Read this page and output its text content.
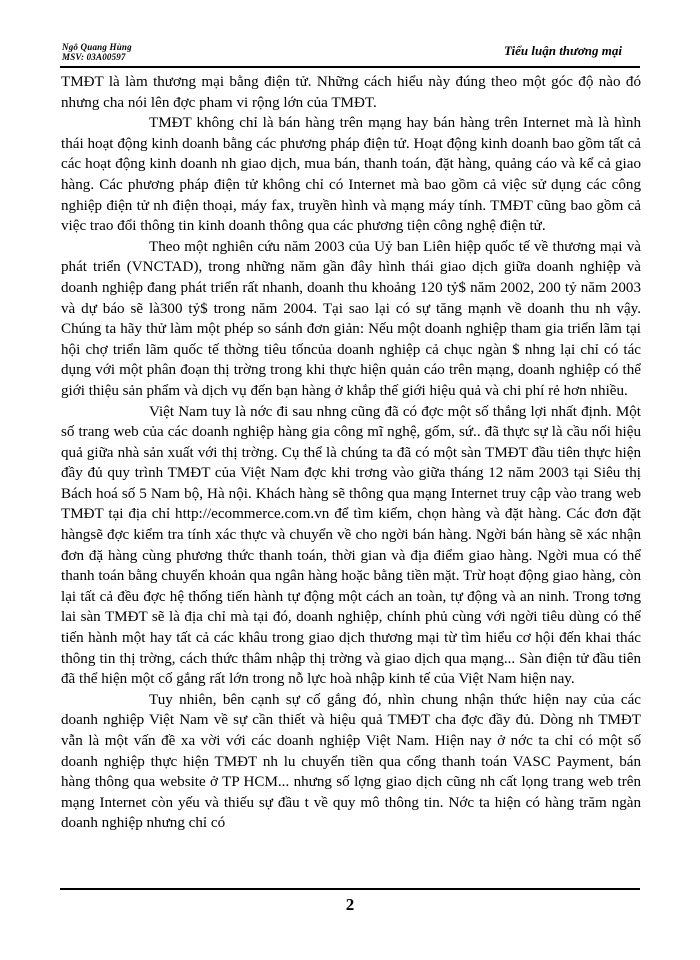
Ngô Quang Hùng
MSV: 03A00597	Tiểu luận thương mại

TMĐT là làm thương mại bằng điện tử. Những cách hiểu này đúng theo một góc độ nào đó nhưng cha nói lên đợc pham vi rộng lớn của TMĐT.

TMĐT không chỉ là bán hàng trên mạng hay bán hàng trên Internet mà là hình thái hoạt động kinh doanh bằng các phương pháp điện tử. Hoạt động kinh doanh bao gồm tất cả các hoạt động kinh doanh nh giao dịch, mua bán, thanh toán, đặt hàng, quảng cáo và kể cả giao hàng. Các phương pháp điện tử không chỉ có Internet mà bao gồm cả việc sử dụng các công nghiệp điện tử nh điện thoại, máy fax, truyền hình và mạng máy tính. TMĐT cũng bao gồm cả việc trao đổi thông tin kinh doanh thông qua các phương tiện công nghệ điện tử.

Theo một nghiên cứu năm 2003 của Uỷ ban Liên hiệp quốc tế về thương mại và phát triển (VNCTAD), trong những năm gần đây hình thái giao dịch giữa doanh nghiệp và doanh nghiệp đang phát triển rất nhanh, doanh thu khoảng 120 tỷ$ năm 2002, 200 tỷ năm 2003 và dự báo sẽ là300 tỷ$ trong năm 2004. Tại sao lại có sự tăng mạnh về doanh thu nh vậy. Chúng ta hãy thử làm một phép so sánh đơn giản: Nếu một doanh nghiệp tham gia triển lãm tại hội chợ triển lãm quốc tế thờng tiêu tốncủa doanh nghiệp cả chục ngàn $ nhng lại chỉ có tác dụng với một phân đoạn thị trờng trong khi thực hiện quản cáo trên mạng, doanh nghiệp có thể giới thiệu sản phẩm và dịch vụ đến bạn hàng ở khắp thế giới hiệu quả và chi phí rẻ hơn nhiều.

Việt Nam tuy là nớc đi sau nhng cũng đã có đợc một số thắng lợi nhất định. Một số trang web của các doanh nghiệp hàng gia công mĩ nghệ, gốm, sứ.. đã thực sự là cầu nối hiệu quả giữa nhà sản xuất với thị trờng. Cụ thể là chúng ta đã có một sàn TMĐT đầu tiên thực hiện đầy đủ quy trình TMĐT của Việt Nam đợc khi trơng vào giữa tháng 12 năm 2003 tại Siêu thị Bách hoá số 5 Nam bộ, Hà nội. Khách hàng sẽ thông qua mạng Internet truy cập vào trang web TMĐT tại địa chỉ http://ecommerce.com.vn để tìm kiếm, chọn hàng và đặt hàng. Các đơn đặt hàngsẽ đợc kiểm tra tính xác thực và chuyển về cho ngời bán hàng. Ngời bán hàng sẽ xác nhận đơn đặ hàng cùng phương thức thanh toán, thời gian và địa điểm giao hàng. Ngời mua có thể thanh toán bằng chuyển khoản qua ngân hàng hoặc bằng tiền mặt. Trừ hoạt động giao hàng, còn lại tất cả đều đợc hệ thống tiến hành tự động một cách an toàn, tự động và an ninh. Trong tơng lai sàn TMĐT sẽ là địa chỉ mà tại đó, doanh nghiệp, chính phủ cùng với ngời tiêu dùng có thể tiến hành một hay tất cả các khâu trong giao dịch thương mại từ tìm hiểu cơ hội đến khai thác thông tin thị trờng, cách thức thâm nhập thị trờng và giao dịch qua mạng... Sàn điện tử đầu tiên đã thể hiện một cố gắng rất lớn trong nỗ lực hoà nhập kinh tế của Việt Nam hiện nay.

Tuy nhiên, bên cạnh sự cố gắng đó, nhìn chung nhận thức hiện nay của các doanh nghiệp Việt Nam về sự cần thiết và hiệu quả TMĐT cha đợc đầy đủ. Dòng nh TMĐT vẫn là một vấn đề xa vời với các doanh nghiệp Việt Nam. Hiện nay ở nớc ta chỉ có một số doanh nghiệp thực hiện TMĐT nh lu chuyển tiền qua cổng thanh toán VASC Payment, bán hàng thông qua website ở TP HCM... nhưng số lợng giao dịch cũng nh cất lọng trang web trên mạng Internet còn yếu và thiếu sự đầu t về quy mô thông tin. Nớc ta hiện có hàng trăm ngàn doanh nghiệp nhưng chỉ có

2
